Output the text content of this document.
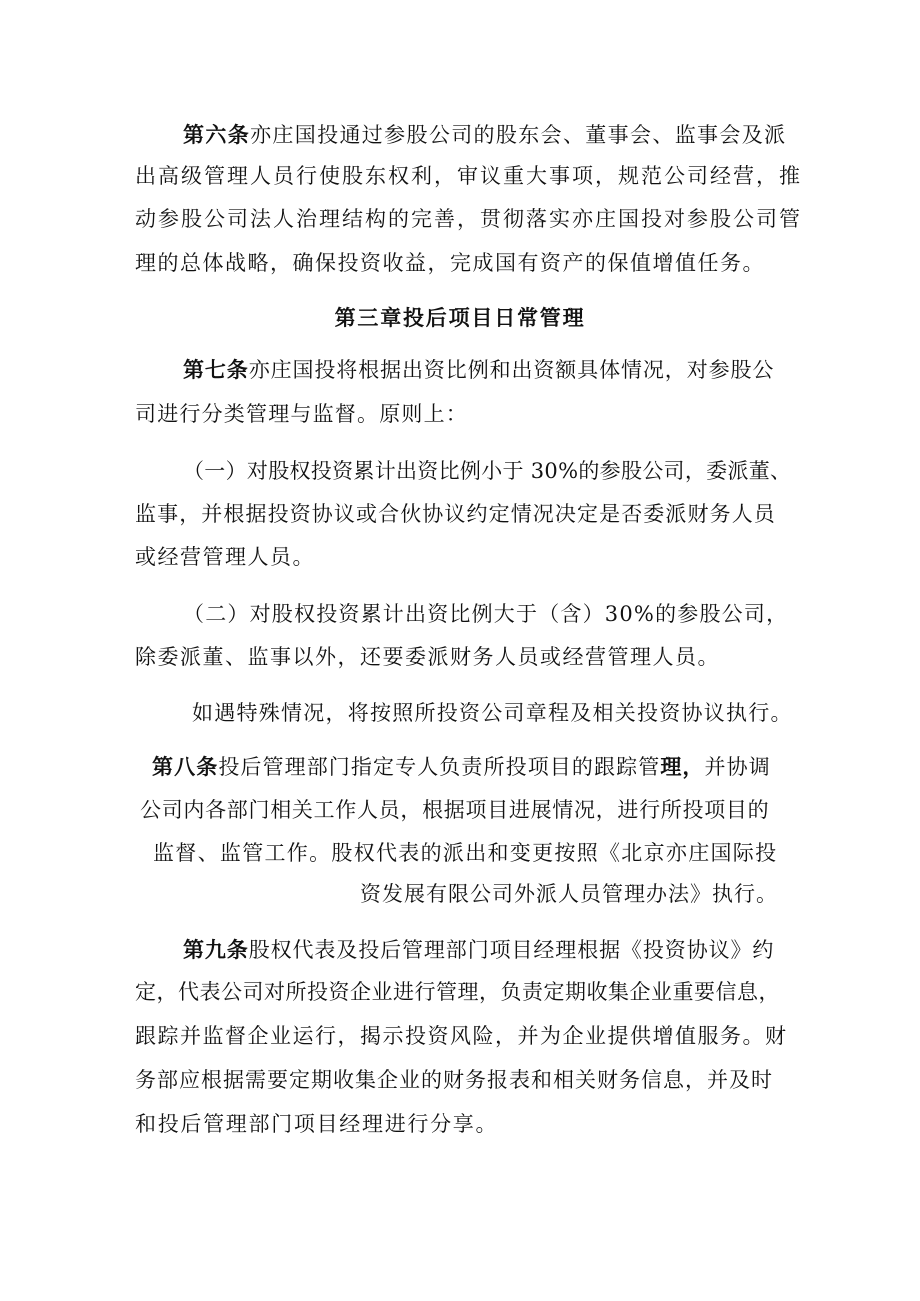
第六条亦庄国投通过参股公司的股东会、董事会、监事会及派
出高级管理人员行使股东权利，审议重大事项，规范公司经营，推
动参股公司法人治理结构的完善，贯彻落实亦庄国投对参股公司管
理的总体战略，确保投资收益，完成国有资产的保值增值任务。
第三章投后项目日常管理
第七条亦庄国投将根据出资比例和出资额具体情况，对参股公
司进行分类管理与监督。原则上：
（一）对股权投资累计出资比例小于 30%的参股公司，委派董、
监事，并根据投资协议或合伙协议约定情况决定是否委派财务人员
或经营管理人员。
（二）对股权投资累计出资比例大于（含）30%的参股公司，
除委派董、监事以外，还要委派财务人员或经营管理人员。
如遇特殊情况，将按照所投资公司章程及相关投资协议执行。
第八条投后管理部门指定专人负责所投项目的跟踪管理，并协调
公司内各部门相关工作人员，根据项目进展情况，进行所投项目的
监督、监管工作。股权代表的派出和变更按照《北京亦庄国际投
资发展有限公司外派人员管理办法》执行。
第九条股权代表及投后管理部门项目经理根据《投资协议》约
定，代表公司对所投资企业进行管理，负责定期收集企业重要信息，
跟踪并监督企业运行，揭示投资风险，并为企业提供增值服务。财
务部应根据需要定期收集企业的财务报表和相关财务信息，并及时
和投后管理部门项目经理进行分享。
